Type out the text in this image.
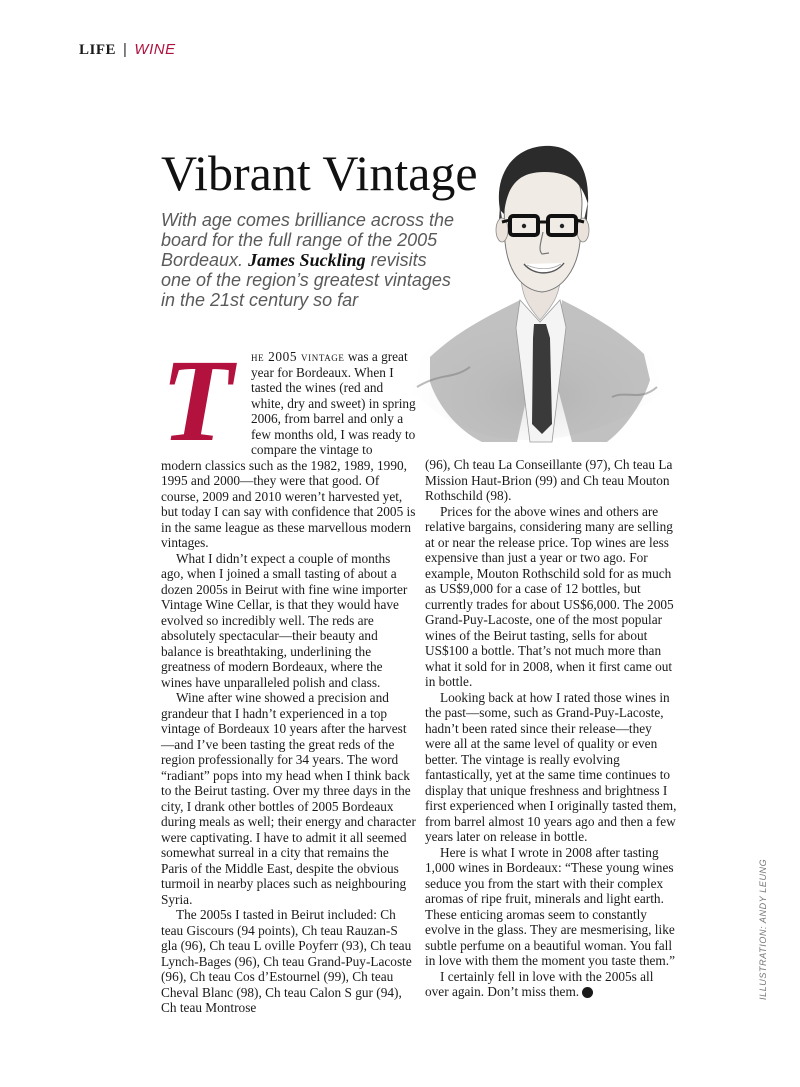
LIFE | WINE
Vibrant Vintage

With age comes brilliance across the board for the full range of the 2005 Bordeaux. James Suckling revisits one of the region’s greatest vintages in the 21st century so far

T	he 2005 vintage was a great year for Bordeaux. When I tasted the wines (red and white, dry and sweet) in spring 2006, from barrel and only a few months old, I was ready to compare the vintage to modern classics such as the 1982, 1989, 1990, 1995 and 2000—they were that good. Of course, 2009 and 2010 weren’t harvested yet, but today I can say with confidence that 2005 is in the same league as these marvellous modern vintages.

What I didn’t expect a couple of months ago, when I joined a small tasting of about a dozen 2005s in Beirut with fine wine importer Vintage Wine Cellar, is that they would have evolved so incredibly well. The reds are absolutely spectacular—their beauty and balance is breathtaking, underlining the greatness of modern Bordeaux, where the wines have unparalleled polish and class.

Wine after wine showed a precision and grandeur that I hadn’t experienced in a top vintage of Bordeaux 10 years after the harvest—and I’ve been tasting the great reds of the region professionally for 34 years. The word “radiant” pops into my head when I think back to the Beirut tasting. Over my three days in the city, I drank other bottles of 2005 Bordeaux during meals as well; their energy and character were captivating. I have to admit it all seemed somewhat surreal in a city that remains the Paris of the Middle East, despite the obvious turmoil in nearby places such as neighbouring Syria.

The 2005s I tasted in Beirut included: Ch teau Giscours (94 points), Ch teau Rauzan-S gla (96), Ch teau L oville Poyferr (93), Ch teau Lynch-Bages (96), Ch teau Grand-Puy-Lacoste (96), Ch teau Cos d’Estournel (99), Ch teau Cheval Blanc (98), Ch teau Calon S gur (94), Ch teau Montrose

(96), Ch teau La Conseillante (97), Ch teau La Mission Haut-Brion (99) and Ch teau Mouton Rothschild (98).

Prices for the above wines and others are relative bargains, considering many are selling at or near the release price. Top wines are less expensive than just a year or two ago. For example, Mouton Rothschild sold for as much as US$9,000 for a case of 12 bottles, but currently trades for about US$6,000. The 2005 Grand-Puy-Lacoste, one of the most popular wines of the Beirut tasting, sells for about US$100 a bottle. That’s not much more than what it sold for in 2008, when it first came out in bottle.

Looking back at how I rated those wines in the past—some, such as Grand-Puy-Lacoste, hadn’t been rated since their release—they were all at the same level of quality or even better. The vintage is really evolving fantastically, yet at the same time continues to display that unique freshness and brightness I first experienced when I originally tasted them, from barrel almost 10 years ago and then a few years later on release in bottle.

Here is what I wrote in 2008 after tasting 1,000 wines in Bordeaux: “These young wines seduce you from the start with their complex aromas of ripe fruit, minerals and light earth. These enticing aromas seem to constantly evolve in the glass. They are mesmerising, like subtle perfume on a beautiful woman. You fall in love with them the moment you taste them.”

I certainly fell in love with the 2005s all over again. Don’t miss them. T	ILLUSTRATION: ANDY LEUNG
